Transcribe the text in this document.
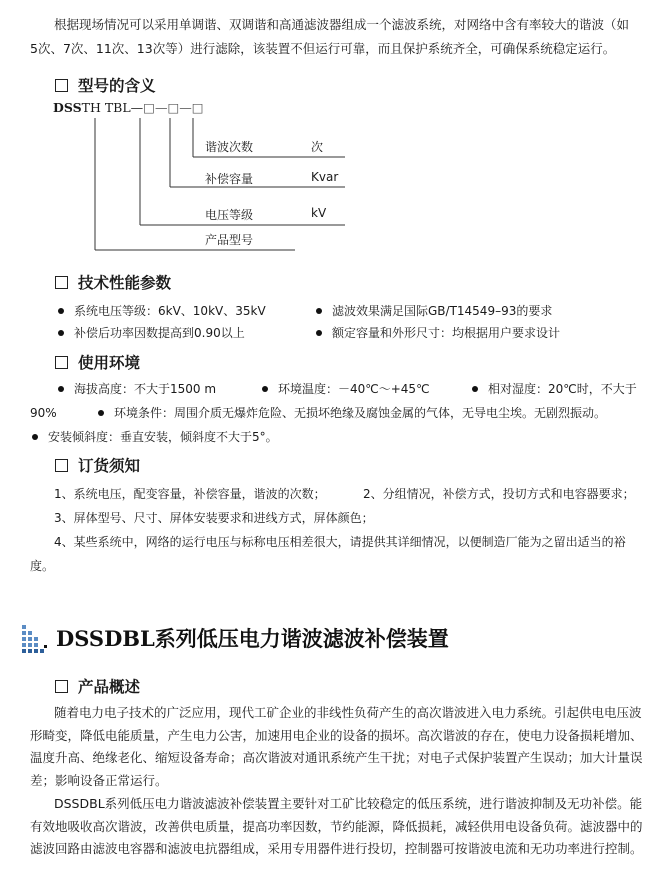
根据现场情况可以采用单调谐、双调谐和高通滤波器组成一个滤波系统，对网络中含有率较大的谐波（如

5次、7次、11次、13次等）进行滤除，该装置不但运行可靠，而且保护系统齐全，可确保系统稳定运行。

型号的含义
DSSTH TBL—□—□—□
谐波次数	次
补偿容量	Kvar
电压等级	kV
产品型号
技术性能参数
系统电压等级：6kV、10kV、35kV	滤波效果满足国际GB/T14549–93的要求
补偿后功率因数提高到0.90以上	额定容量和外形尺寸：均根据用户要求设计
使用环境
海拔高度：不大于1500 m	环境温度：－40℃～+45℃	相对湿度：20℃时，不大于
90%	环境条件：周围介质无爆炸危险、无损坏绝缘及腐蚀金属的气体，无导电尘埃。无剧烈振动。
安装倾斜度：垂直安装，倾斜度不大于5°。
订货须知
1、系统电压，配变容量，补偿容量，谐波的次数；	2、分组情况，补偿方式，投切方式和电容器要求；
3、屏体型号、尺寸、屏体安装要求和进线方式，屏体颜色；
4、某些系统中，网络的运行电压与标称电压相差很大，请提供其详细情况，以便制造厂能为之留出适当的裕
度。
DSSDBL系列低压电力谐波滤波补偿装置
产品概述

随着电力电子技术的广泛应用，现代工矿企业的非线性负荷产生的高次谐波进入电力系统。引起供电电压波形畸变，降低电能质量，产生电力公害，加速用电企业的设备的损坏。高次谐波的存在，使电力设备损耗增加、温度升高、绝缘老化、缩短设备寿命；高次谐波对通讯系统产生干扰；对电子式保护装置产生误动；加大计量误差；影响设备正常运行。

DSSDBL系列低压电力谐波滤波补偿装置主要针对工矿比较稳定的低压系统，进行谐波抑制及无功补偿。能有效地吸收高次谐波，改善供电质量，提高功率因数，节约能源，降低损耗，减轻供用电设备负荷。滤波器中的滤波回路由滤波电容器和滤波电抗器组成，采用专用器件进行投切，控制器可按谐波电流和无功功率进行控制。
